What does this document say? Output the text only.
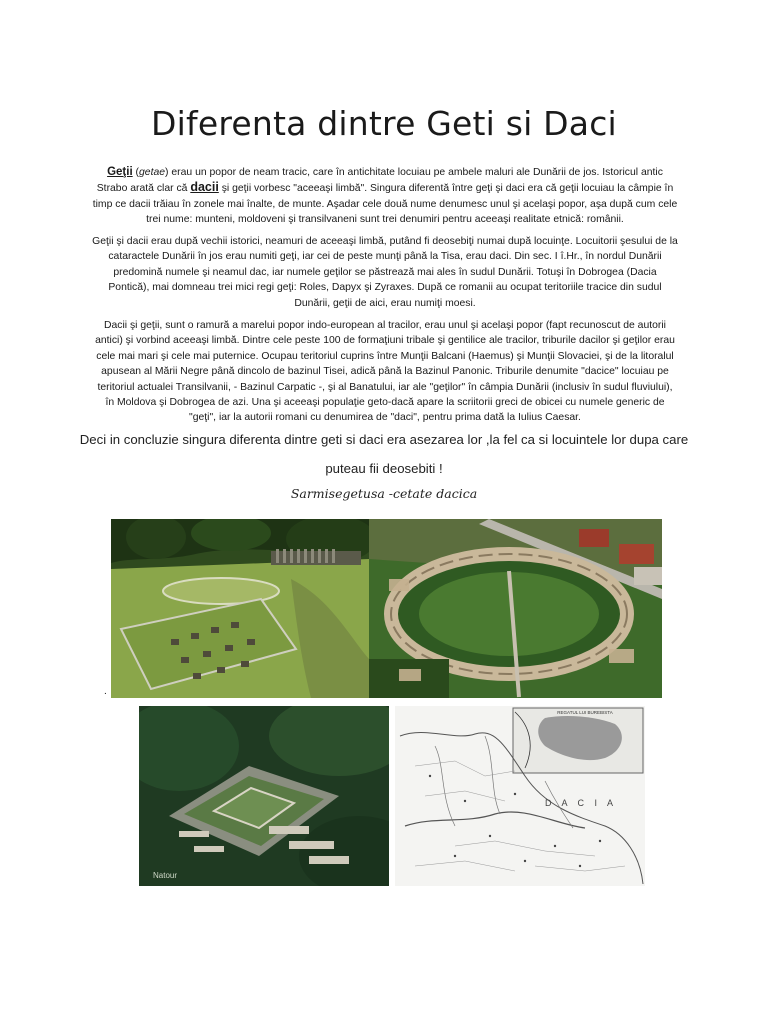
Diferenta dintre Geti si Daci
Geţii (getae) erau un popor de neam tracic, care în antichitate locuiau pe ambele maluri ale Dunării de jos. Istoricul antic Strabo arată clar că dacii şi geţii vorbesc "aceeaşi limbă". Singura diferentă între geţi şi daci era că geţii locuiau la câmpie în timp ce dacii trăiau în zonele mai înalte, de munte. Aşadar cele două nume denumesc unul şi acelaşi popor, aşa după cum cele trei nume: munteni, moldoveni şi transilvaneni sunt trei denumiri pentru aceeaşi realitate etnică: românii.
Geţii şi dacii erau după vechii istorici, neamuri de aceeaşi limbă, putând fi deosebiţi numai după locuinţe. Locuitorii şesului de la cataractele Dunării în jos erau numiti geţi, iar cei de peste munţi până la Tisa, erau daci. Din sec. I î.Hr., în nordul Dunării predomină numele şi neamul dac, iar numele geţilor se păstrează mai ales în sudul Dunării. Totuşi în Dobrogea (Dacia Pontică), mai domneau trei mici regi geţi: Roles, Dapyx şi Zyraxes. După ce romanii au ocupat teritoriile tracice din sudul Dunării, geţii de aici, erau numiţi moesi.
Dacii şi geţii, sunt o ramură a marelui popor indo-european al tracilor, erau unul şi acelaşi popor (fapt recunoscut de autorii antici) şi vorbind aceeaşi limbă. Dintre cele peste 100 de formaţiuni tribale şi gentilice ale tracilor, triburile dacilor şi geţilor erau cele mai mari şi cele mai puternice. Ocupau teritoriul cuprins între Munţii Balcani (Haemus) şi Munţii Slovaciei, şi de la litoralul apusean al Mării Negre până dincolo de bazinul Tisei, adică până la Bazinul Panonic. Triburile denumite "dacice" locuiau pe teritoriul actualei Transilvanii, - Bazinul Carpatic -, şi al Banatului, iar ale "geţilor" în câmpia Dunării (inclusiv în sudul fluviului), în Moldova şi Dobrogea de azi. Una şi aceeaşi populaţie geto-dacă apare la scriitorii greci de obicei cu numele generic de "geţi", iar la autorii romani cu denumirea de "daci", pentru prima dată la Iulius Caesar.
Deci in concluzie singura diferenta dintre geti si daci era asezarea lor ,la fel ca si locuintele lor dupa care puteau fii deosebiti !
Sarmisegetusa -cetate dacica
.
Natour
REGATUL LUI BUREBISTA
D A C I A
